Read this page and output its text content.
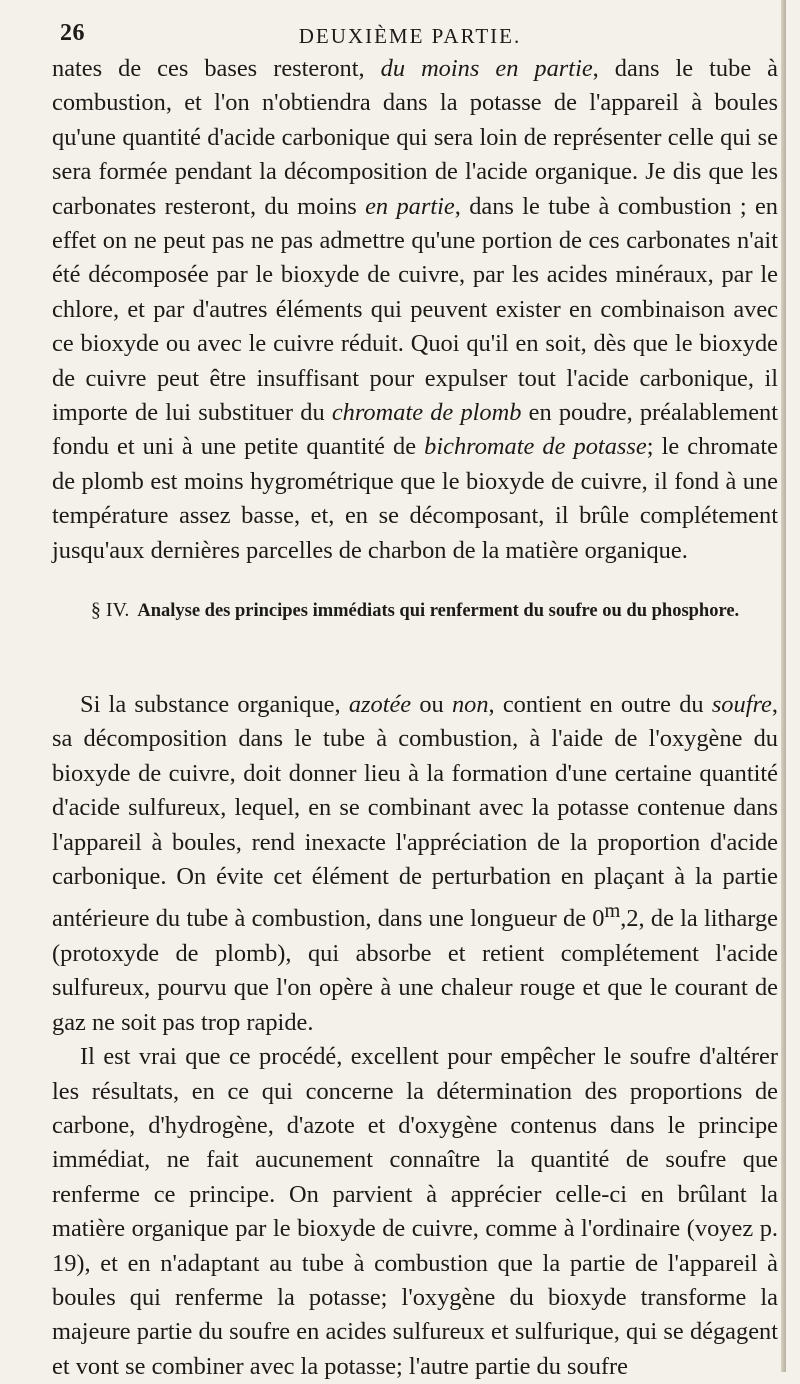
26	DEUXIÈME PARTIE.

nates de ces bases resteront, du moins en partie, dans le tube à combustion, et l'on n'obtiendra dans la potasse de l'appareil à boules qu'une quantité d'acide carbonique qui sera loin de représenter celle qui se sera formée pendant la décomposition de l'acide organique. Je dis que les carbonates resteront, du moins en partie, dans le tube à combustion ; en effet on ne peut pas ne pas admettre qu'une portion de ces carbonates n'ait été décomposée par le bioxyde de cuivre, par les acides minéraux, par le chlore, et par d'autres éléments qui peuvent exister en combinaison avec ce bioxyde ou avec le cuivre réduit. Quoi qu'il en soit, dès que le bioxyde de cuivre peut être insuffisant pour expulser tout l'acide carbonique, il importe de lui substituer du chromate de plomb en poudre, préalablement fondu et uni à une petite quantité de bichromate de potasse; le chromate de plomb est moins hygrométrique que le bioxyde de cuivre, il fond à une température assez basse, et, en se décomposant, il brûle complétement jusqu'aux dernières parcelles de charbon de la matière organique.

§ IV. Analyse des principes immédiats qui renferment du soufre ou du phosphore.

Si la substance organique, azotée ou non, contient en outre du soufre, sa décomposition dans le tube à combustion, à l'aide de l'oxygène du bioxyde de cuivre, doit donner lieu à la formation d'une certaine quantité d'acide sulfureux, lequel, en se combinant avec la potasse contenue dans l'appareil à boules, rend inexacte l'appréciation de la proportion d'acide carbonique. On évite cet élément de perturbation en plaçant à la partie antérieure du tube à combustion, dans une longueur de 0$^m$,2, de la litharge (protoxyde de plomb), qui absorbe et retient complétement l'acide sulfureux, pourvu que l'on opère à une chaleur rouge et que le courant de gaz ne soit pas trop rapide.

Il est vrai que ce procédé, excellent pour empêcher le soufre d'altérer les résultats, en ce qui concerne la détermination des proportions de carbone, d'hydrogène, d'azote et d'oxygène contenus dans le principe immédiat, ne fait aucunement connaître la quantité de soufre que renferme ce principe. On parvient à apprécier celle-ci en brûlant la matière organique par le bioxyde de cuivre, comme à l'ordinaire (voyez p. 19), et en n'adaptant au tube à combustion que la partie de l'appareil à boules qui renferme la potasse; l'oxygène du bioxyde transforme la majeure partie du soufre en acides sulfureux et sulfurique, qui se dégagent et vont se combiner avec la potasse; l'autre partie du soufre
